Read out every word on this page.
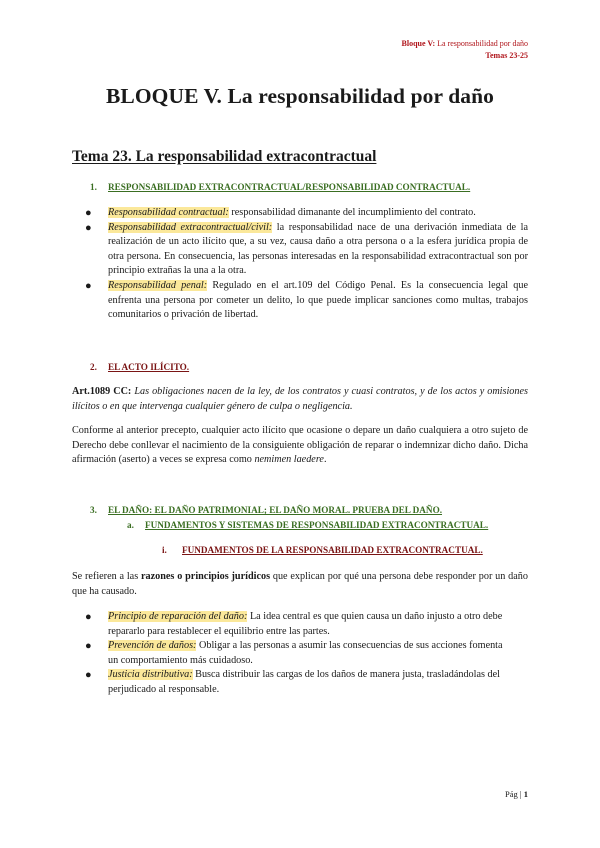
Bloque V: La responsabilidad por daño
Temas 23-25
BLOQUE V. La responsabilidad por daño
Tema 23. La responsabilidad extracontractual
1. RESPONSABILIDAD EXTRACONTRACTUAL/RESPONSABILIDAD CONTRACTUAL.
● Responsabilidad contractual: responsabilidad dimanante del incumplimiento del contrato.
● Responsabilidad extracontractual/civil: la responsabilidad nace de una derivación inmediata de la realización de un acto ilícito que, a su vez, causa daño a otra persona o a la esfera jurídica propia de otra persona. En consecuencia, las personas interesadas en la responsabilidad extracontractual son por principio extrañas la una a la otra.
● Responsabilidad penal: Regulado en el art.109 del Código Penal. Es la consecuencia legal que enfrenta una persona por cometer un delito, lo que puede implicar sanciones como multas, trabajos comunitarios o privación de libertad.
2. EL ACTO ILÍCITO.
Art.1089 CC: Las obligaciones nacen de la ley, de los contratos y cuasi contratos, y de los actos y omisiones ilícitos o en que intervenga cualquier género de culpa o negligencia.
Conforme al anterior precepto, cualquier acto ilícito que ocasione o depare un daño cualquiera a otro sujeto de Derecho debe conllevar el nacimiento de la consiguiente obligación de reparar o indemnizar dicho daño. Dicha afirmación (aserto) a veces se expresa como nemimen laedere.
3. EL DAÑO: EL DAÑO PATRIMONIAL; EL DAÑO MORAL. PRUEBA DEL DAÑO.
a. FUNDAMENTOS Y SISTEMAS DE RESPONSABILIDAD EXTRACONTRACTUAL.
i. FUNDAMENTOS DE LA RESPONSABILIDAD EXTRACONTRACTUAL.
Se refieren a las razones o principios jurídicos que explican por qué una persona debe responder por un daño que ha causado.
● Principio de reparación del daño: La idea central es que quien causa un daño injusto a otro debe repararlo para restablecer el equilibrio entre las partes.
● Prevención de daños: Obligar a las personas a asumir las consecuencias de sus acciones fomenta un comportamiento más cuidadoso.
● Justicia distributiva: Busca distribuir las cargas de los daños de manera justa, trasladándolas del perjudicado al responsable.
Pág | 1
